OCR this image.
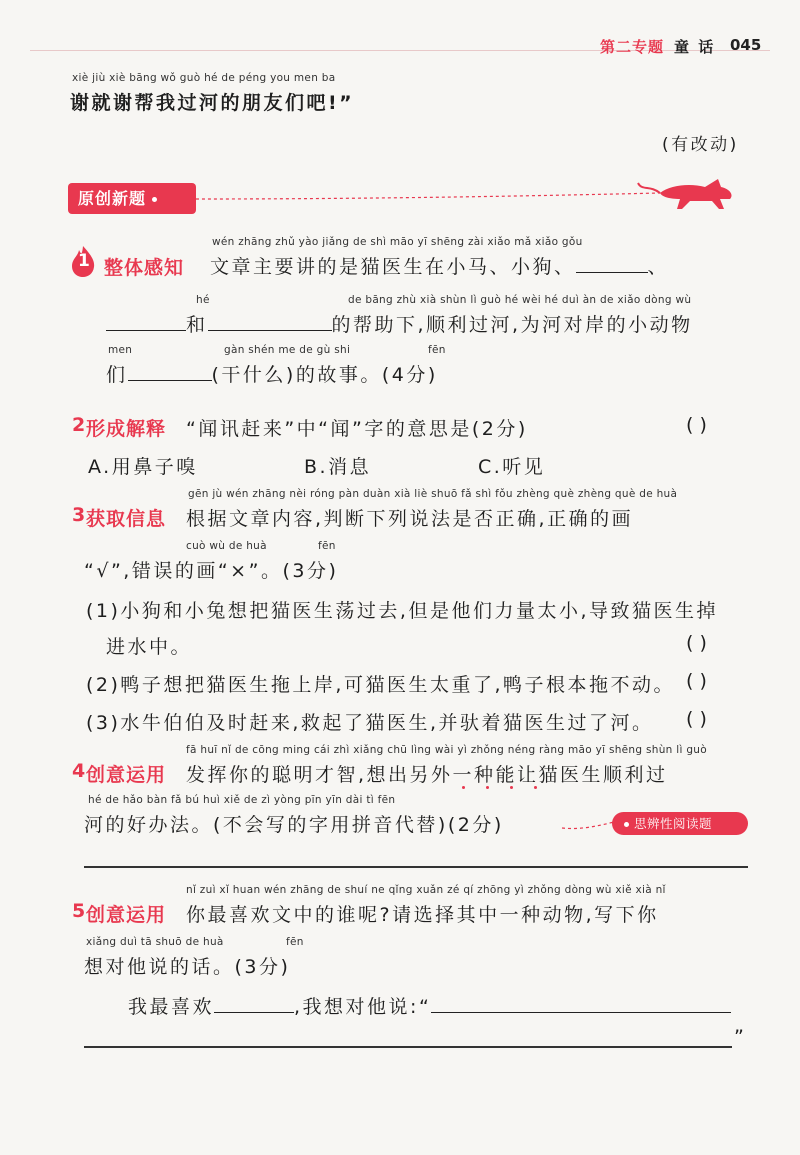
第二专题 童 话 045
xiè jiù xiè bāng wǒ guò hé de péng you men ba
谢就谢帮我过河的朋友们吧!”
(有改动)
原创新题
1 整体感知
wén zhāng zhǔ yào jiǎng de shì māo yī shēng zài xiǎo mǎ xiǎo gǒu
文章主要讲的是猫医生在小马、小狗、	、
hé	de bāng zhù xià shùn lì guò hé wèi hé duì àn de xiǎo dòng wù
和	的帮助下,顺利过河,为河对岸的小动物
men	gàn shén me de gù shi	fēn
们	(干什么)的故事。(4分)
2 形成解释 “闻讯赶来”中“闻”字的意思是(2分)	( )
A.用鼻子嗅	B.消息	C.听见
gēn jù wén zhāng nèi róng pàn duàn xià liè shuō fǎ shì fǒu zhèng què zhèng què de huà
3 获取信息 根据文章内容,判断下列说法是否正确,正确的画
cuò wù de huà	fēn
“√”,错误的画“×”。(3分)
(1)小狗和小兔想把猫医生荡过去,但是他们力量太小,导致猫医生掉
进水中。	( )
(2)鸭子想把猫医生拖上岸,可猫医生太重了,鸭子根本拖不动。 ( )
(3)水牛伯伯及时赶来,救起了猫医生,并驮着猫医生过了河。 ( )
fā huī nǐ de cōng ming cái zhì xiǎng chū lìng wài yì zhǒng néng ràng māo yī shēng shùn lì guò
4 创意运用 发挥你的聪明才智,想出另外一种能让猫医生顺利过
hé de hǎo bàn fǎ bú huì xiě de zì yòng pīn yīn dài tì fēn
河的好办法。(不会写的字用拼音代替)(2分)	思辨性阅读题
nǐ zuì xǐ huan wén zhāng de shuí ne qǐng xuǎn zé qí zhōng yì zhǒng dòng wù xiě xià nǐ
5 创意运用 你最喜欢文中的谁呢?请选择其中一种动物,写下你
xiǎng duì tā shuō de huà	fēn
想对他说的话。(3分)
我最喜欢	,我想对他说:“
”
